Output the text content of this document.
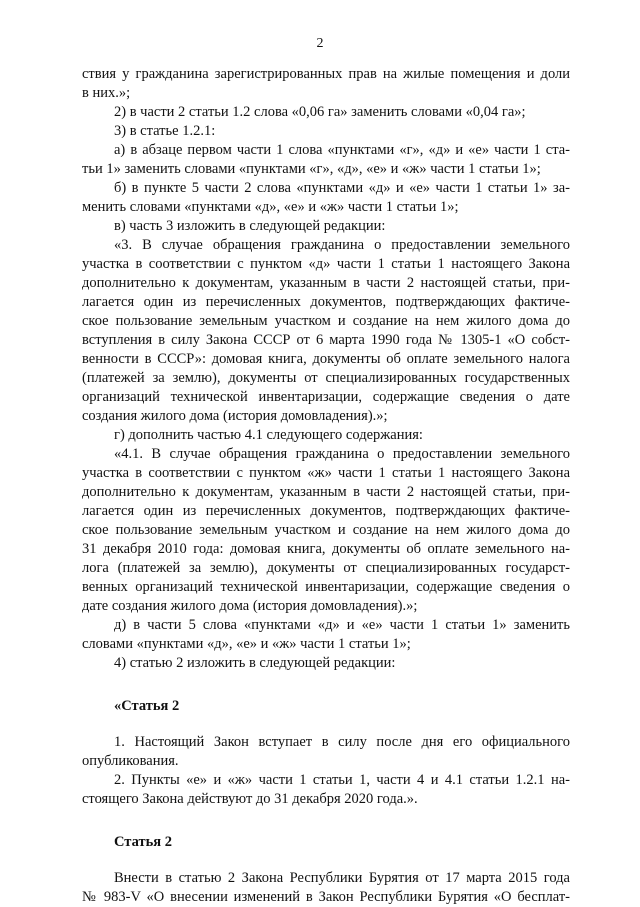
2
ствия у гражданина зарегистрированных прав на жилые помещения и доли
в них.»;
2) в части 2 статьи 1.2 слова «0,06 га» заменить словами «0,04 га»;
3) в статье 1.2.1:
а) в абзаце первом части 1 слова «пунктами «г», «д» и «е» части 1 ста-
тьи 1» заменить словами «пунктами «г», «д», «е» и «ж» части 1 статьи 1»;
б) в пункте 5 части 2 слова «пунктами «д» и «е» части 1 статьи 1» за-
менить словами «пунктами «д», «е» и «ж» части 1 статьи 1»;
в) часть 3 изложить в следующей редакции:
«3. В случае обращения гражданина о предоставлении земельного
участка в соответствии с пунктом «д» части 1 статьи 1 настоящего Закона
дополнительно к документам, указанным в части 2 настоящей статьи, при-
лагается один из перечисленных документов, подтверждающих фактиче-
ское пользование земельным участком и создание на нем жилого дома до
вступления в силу Закона СССР от 6 марта 1990 года № 1305-1 «О собст-
венности в СССР»: домовая книга, документы об оплате земельного налога
(платежей за землю), документы от специализированных государственных
организаций технической инвентаризации, содержащие сведения о дате
создания жилого дома (история домовладения).»;
г) дополнить частью 4.1 следующего содержания:
«4.1. В случае обращения гражданина о предоставлении земельного
участка в соответствии с пунктом «ж» части 1 статьи 1 настоящего Закона
дополнительно к документам, указанным в части 2 настоящей статьи, при-
лагается один из перечисленных документов, подтверждающих фактиче-
ское пользование земельным участком и создание на нем жилого дома до
31 декабря 2010 года: домовая книга, документы об оплате земельного на-
лога (платежей за землю), документы от специализированных государст-
венных организаций технической инвентаризации, содержащие сведения о
дате создания жилого дома (история домовладения).»;
д) в части 5 слова «пунктами «д» и «е» части 1 статьи 1» заменить
словами «пунктами «д», «е» и «ж» части 1 статьи 1»;
4) статью 2 изложить в следующей редакции:
«Статья 2
1. Настоящий Закон вступает в силу после дня его официального
опубликования.
2. Пункты «е» и «ж» части 1 статьи 1, части 4 и 4.1 статьи 1.2.1 на-
стоящего Закона действуют до 31 декабря 2020 года.».
Статья 2
Внести в статью 2 Закона Республики Бурятия от 17 марта 2015 года
№ 983-V «О внесении изменений в Закон Республики Бурятия «О бесплат-
